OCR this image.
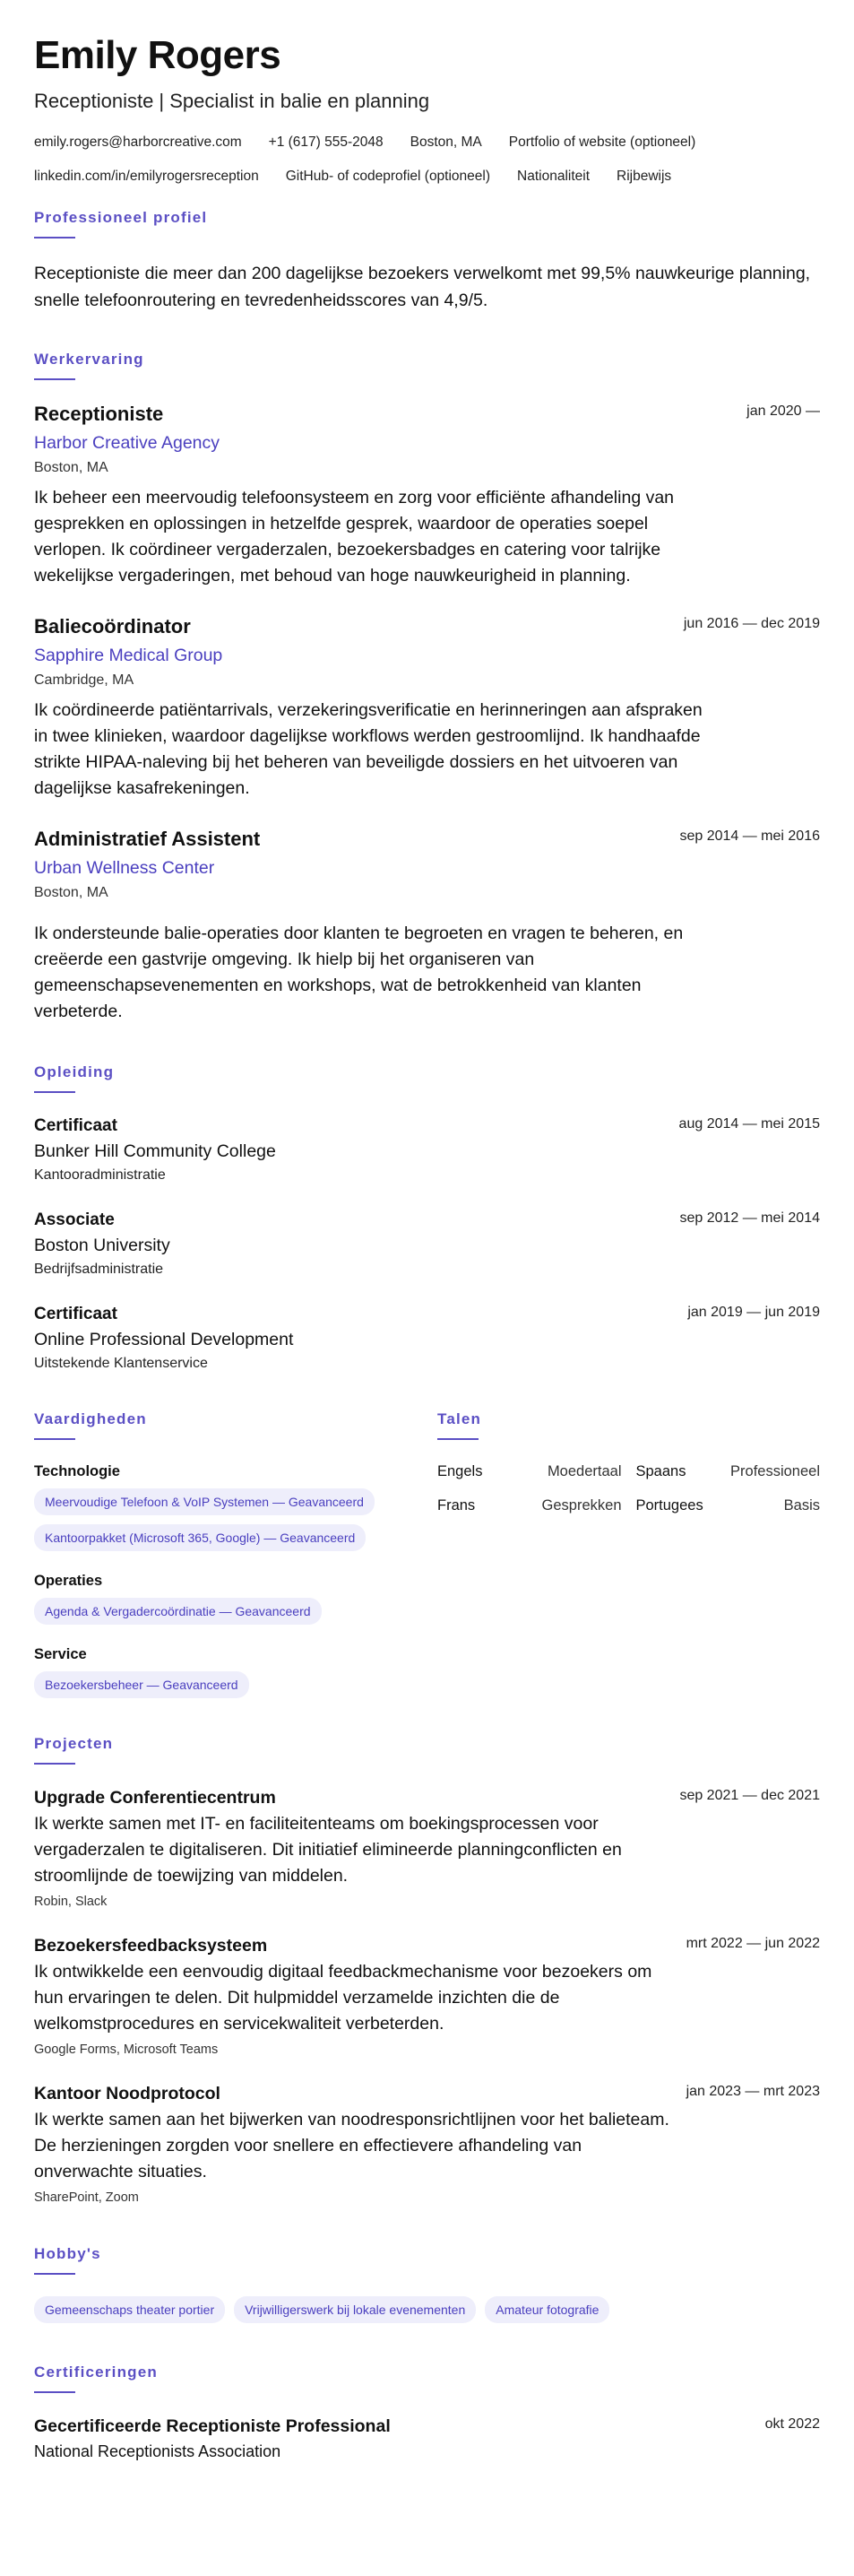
Emily Rogers
Receptioniste | Specialist in balie en planning
emily.rogers@harborcreative.com +1 (617) 555-2048 Boston, MA Portfolio of website (optioneel)
linkedin.com/in/emilyrogersreception GitHub- of codeprofiel (optioneel) Nationaliteit Rijbewijs
Professioneel profiel

Receptioniste die meer dan 200 dagelijkse bezoekers verwelkomt met 99,5% nauwkeurige planning, snelle telefoonroutering en tevredenheidsscores van 4,9/5.

Werkervaring
jan 2020 —
Receptioniste
Harbor Creative Agency
Boston, MA

Ik beheer een meervoudig telefoonsysteem en zorg voor efficiënte afhandeling van gesprekken en oplossingen in hetzelfde gesprek, waardoor de operaties soepel verlopen. Ik coördineer vergaderzalen, bezoekersbadges en catering voor talrijke wekelijkse vergaderingen, met behoud van hoge nauwkeurigheid in planning.

jun 2016 — dec 2019
Baliecoördinator
Sapphire Medical Group
Cambridge, MA

Ik coördineerde patiëntarrivals, verzekeringsverificatie en herinneringen aan afspraken in twee klinieken, waardoor dagelijkse workflows werden gestroomlijnd. Ik handhaafde strikte HIPAA-naleving bij het beheren van beveiligde dossiers en het uitvoeren van dagelijkse kasafrekeningen.

sep 2014 — mei 2016
Administratief Assistent
Urban Wellness Center
Boston, MA

Ik ondersteunde balie-operaties door klanten te begroeten en vragen te beheren, en creëerde een gastvrije omgeving. Ik hielp bij het organiseren van gemeenschapsevenementen en workshops, wat de betrokkenheid van klanten verbeterde.

Opleiding
aug 2014 — mei 2015
Certificaat
Bunker Hill Community College
Kantooradministratie
sep 2012 — mei 2014
Associate
Boston University
Bedrijfsadministratie
jan 2019 — jun 2019
Certificaat
Online Professional Development
Uitstekende Klantenservice
Vaardigheden
Technologie
Meervoudige Telefoon & VoIP Systemen — Geavanceerd
Kantoorpakket (Microsoft 365, Google) — Geavanceerd
Operaties
Agenda & Vergadercoördinatie — Geavanceerd
Service
Bezoekersbeheer — Geavanceerd
Talen
Engels	Moedertaal Spaans	Professioneel
Frans	Gesprekken Portugees	Basis
Projecten
sep 2021 — dec 2021
Upgrade Conferentiecentrum

Ik werkte samen met IT- en faciliteitenteams om boekingsprocessen voor vergaderzalen te digitaliseren. Dit initiatief elimineerde planningconflicten en stroomlijnde de toewijzing van middelen.

Robin, Slack
mrt 2022 — jun 2022
Bezoekersfeedbacksysteem

Ik ontwikkelde een eenvoudig digitaal feedbackmechanisme voor bezoekers om hun ervaringen te delen. Dit hulpmiddel verzamelde inzichten die de welkomstprocedures en servicekwaliteit verbeterden.

Google Forms, Microsoft Teams
jan 2023 — mrt 2023
Kantoor Noodprotocol

Ik werkte samen aan het bijwerken van noodresponsrichtlijnen voor het balieteam. De herzieningen zorgden voor snellere en effectievere afhandeling van onverwachte situaties.

SharePoint, Zoom
Hobby's
Gemeenschaps theater portier	Vrijwilligerswerk bij lokale evenementen	Amateur fotografie
Certificeringen
okt 2022
Gecertificeerde Receptioniste Professional
National Receptionists Association
